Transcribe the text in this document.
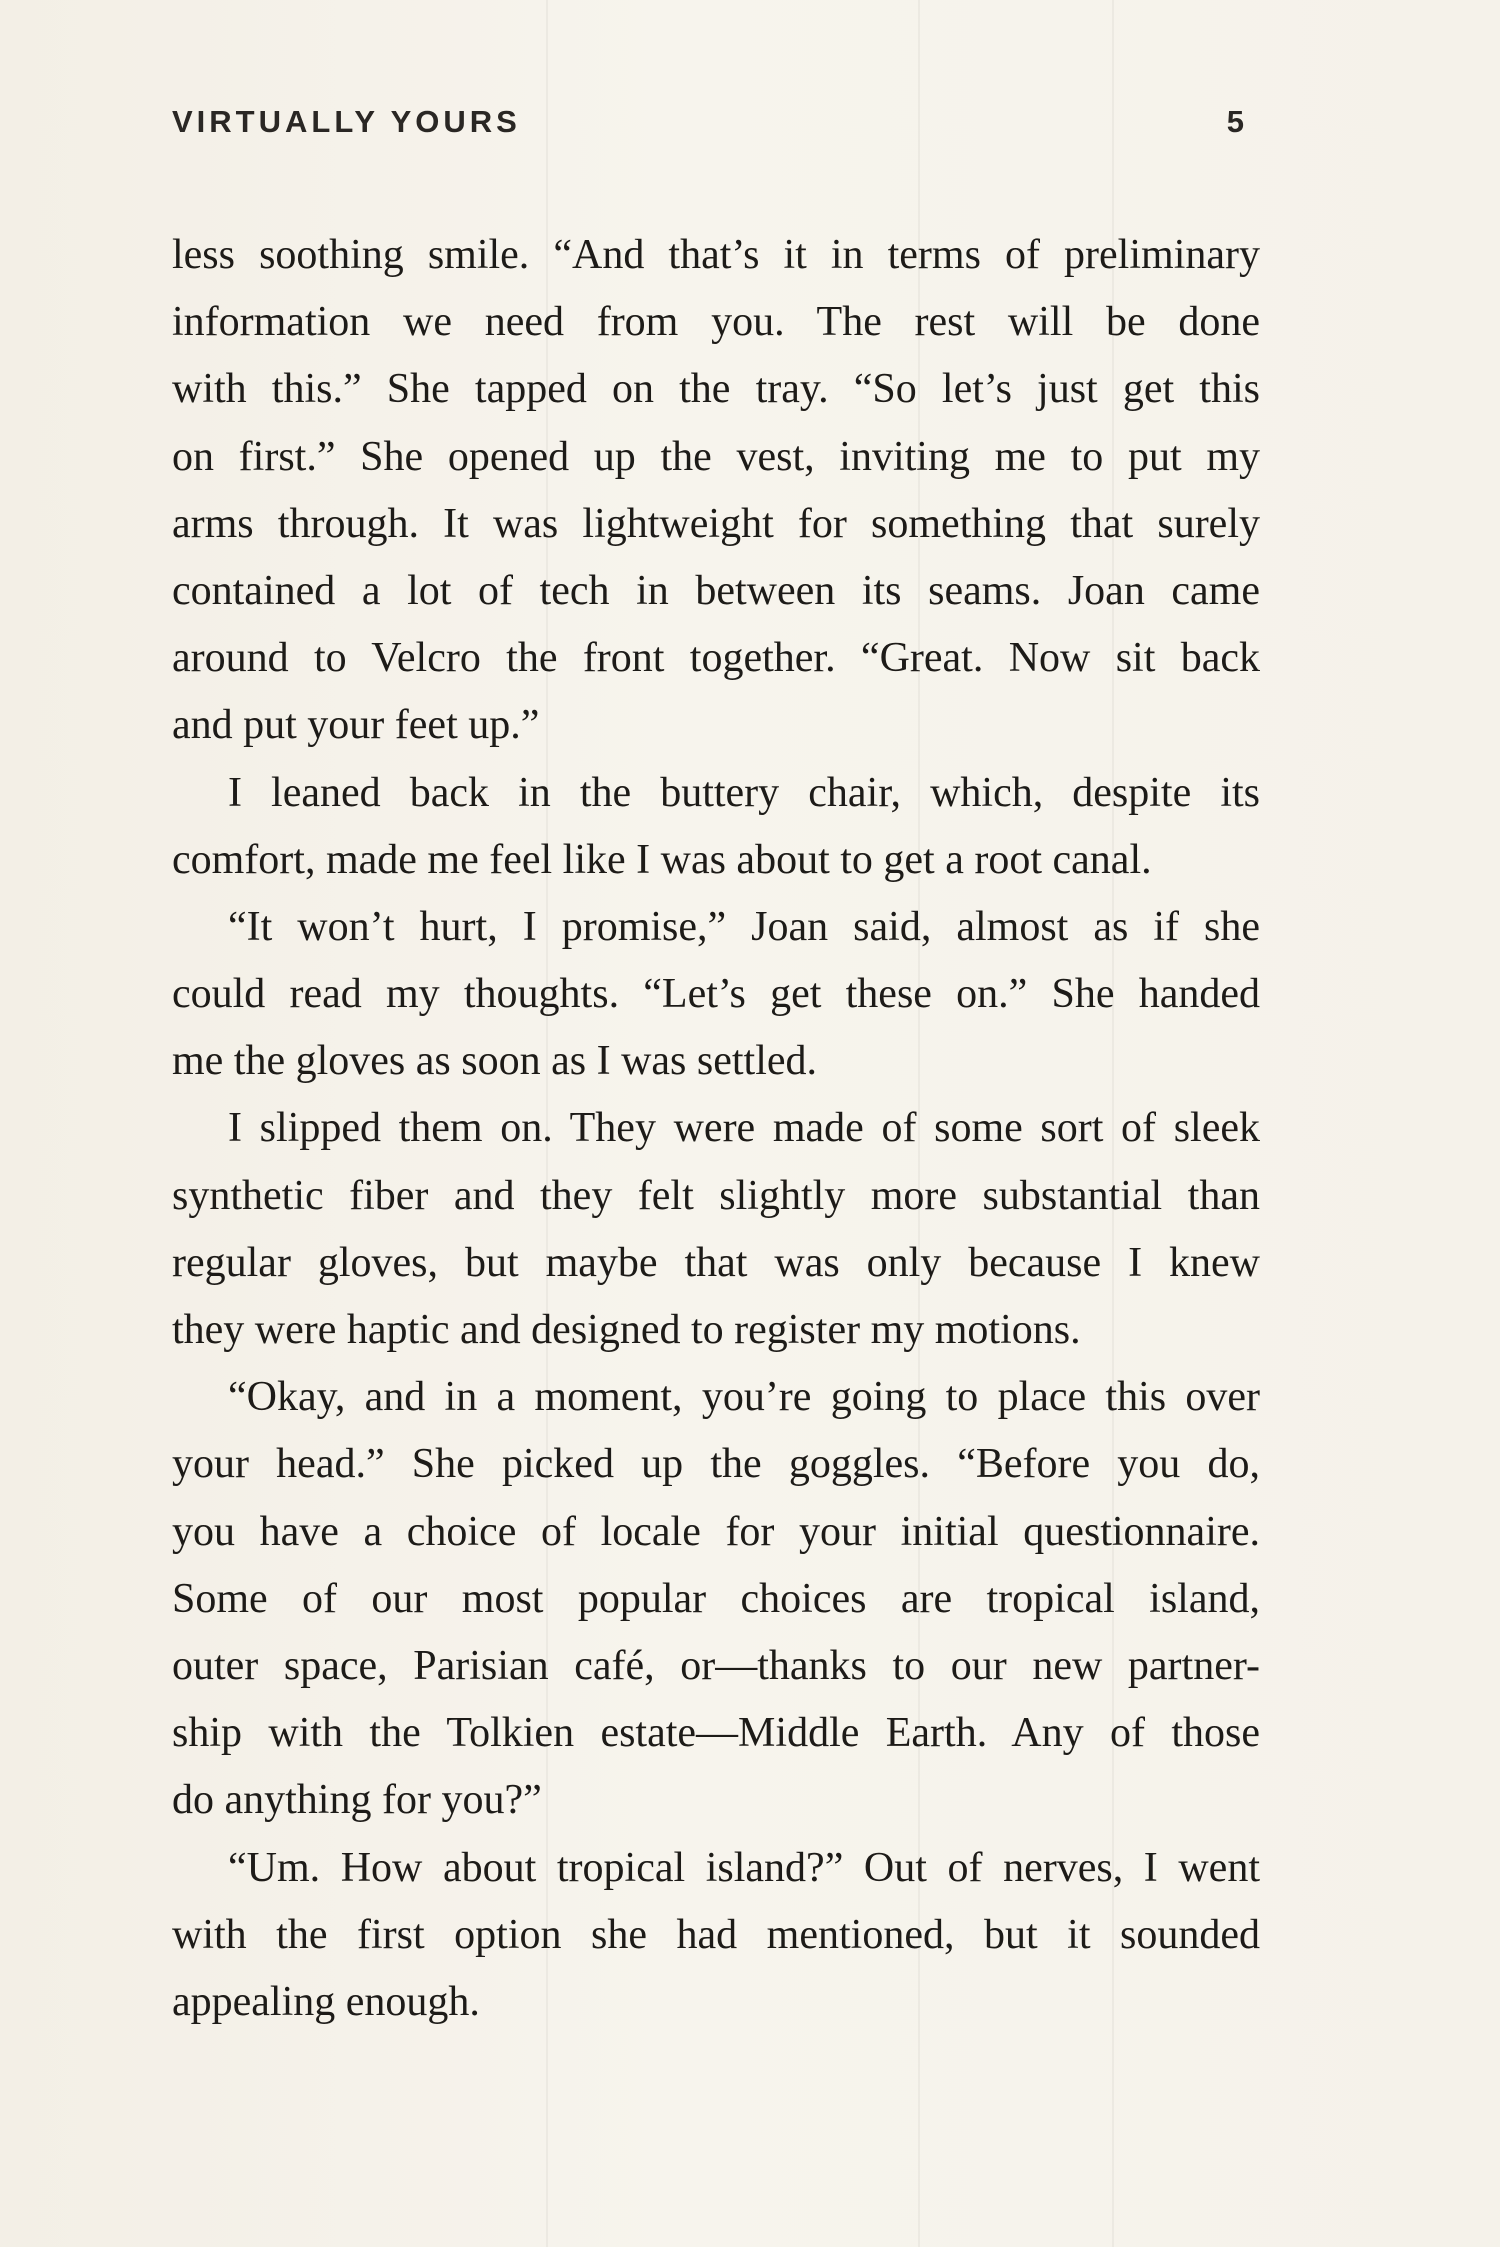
VIRTUALLY YOURS	5
less soothing smile. “And that’s it in terms of preliminary
information we need from you. The rest will be done
with this.” She tapped on the tray. “So let’s just get this
on first.” She opened up the vest, inviting me to put my
arms through. It was lightweight for something that surely
contained a lot of tech in between its seams. Joan came
around to Velcro the front together. “Great. Now sit back
and put your feet up.”
I leaned back in the buttery chair, which, despite its
comfort, made me feel like I was about to get a root canal.
“It won’t hurt, I promise,” Joan said, almost as if she
could read my thoughts. “Let’s get these on.” She handed
me the gloves as soon as I was settled.
I slipped them on. They were made of some sort of sleek
synthetic fiber and they felt slightly more substantial than
regular gloves, but maybe that was only because I knew
they were haptic and designed to register my motions.
“Okay, and in a moment, you’re going to place this over
your head.” She picked up the goggles. “Before you do,
you have a choice of locale for your initial questionnaire.
Some of our most popular choices are tropical island,
outer space, Parisian café, or—thanks to our new partner-
ship with the Tolkien estate—Middle Earth. Any of those
do anything for you?”
“Um. How about tropical island?” Out of nerves, I went
with the first option she had mentioned, but it sounded
appealing enough.
